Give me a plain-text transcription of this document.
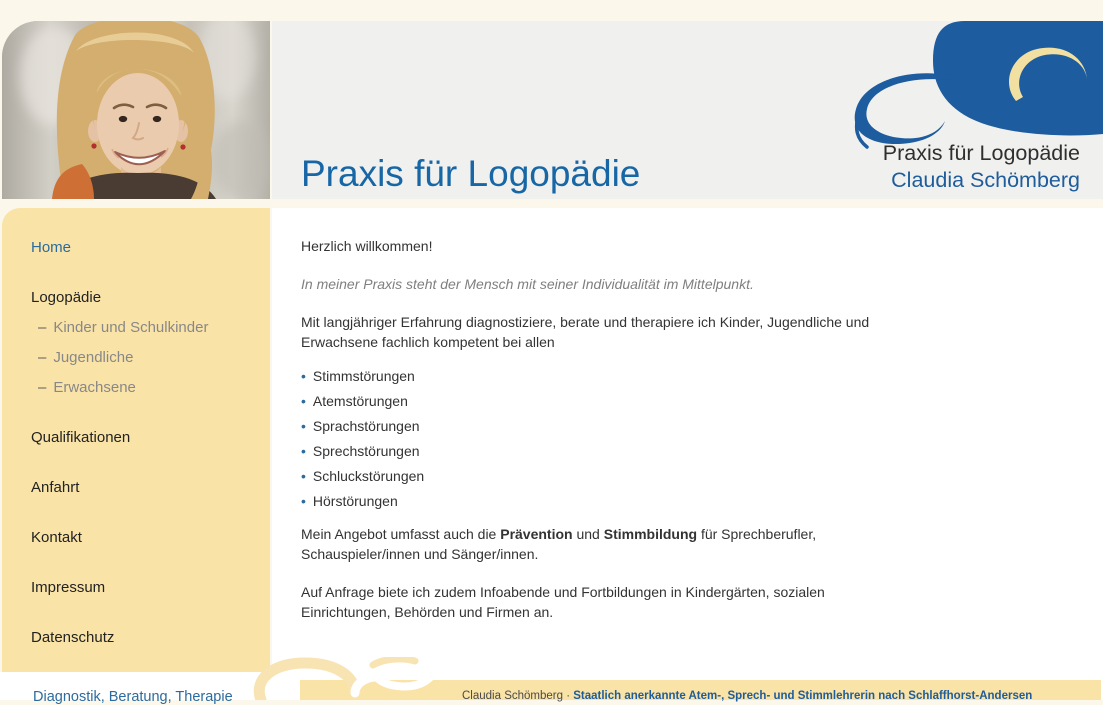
Praxis für Logopädie
Claudia Schömberg
Praxis für Logopädie
Home
Logopädie
– Kinder und Schulkinder
– Jugendliche
– Erwachsene
Qualifikationen
Anfahrt
Kontakt
Impressum
Datenschutz

Herzlich willkommen!

In meiner Praxis steht der Mensch mit seiner Individualität im Mittelpunkt.

Mit langjähriger Erfahrung diagnostiziere, berate und therapiere ich Kinder, Jugendliche und Erwachsene fachlich kompetent bei allen

• Stimmstörungen
• Atemstörungen
• Sprachstörungen
• Sprechstörungen
• Schluckstörungen
• Hörstörungen

Mein Angebot umfasst auch die Prävention und Stimmbildung für Sprechberufler, Schauspieler/innen und Sänger/innen.

Auf Anfrage biete ich zudem Infoabende und Fortbildungen in Kindergärten, sozialen Einrichtungen, Behörden und Firmen an.

Diagnostik, Beratung, Therapie	Claudia Schömberg · Staatlich anerkannte Atem-, Sprech- und Stimmlehrerin nach Schlaffhorst-Andersen
